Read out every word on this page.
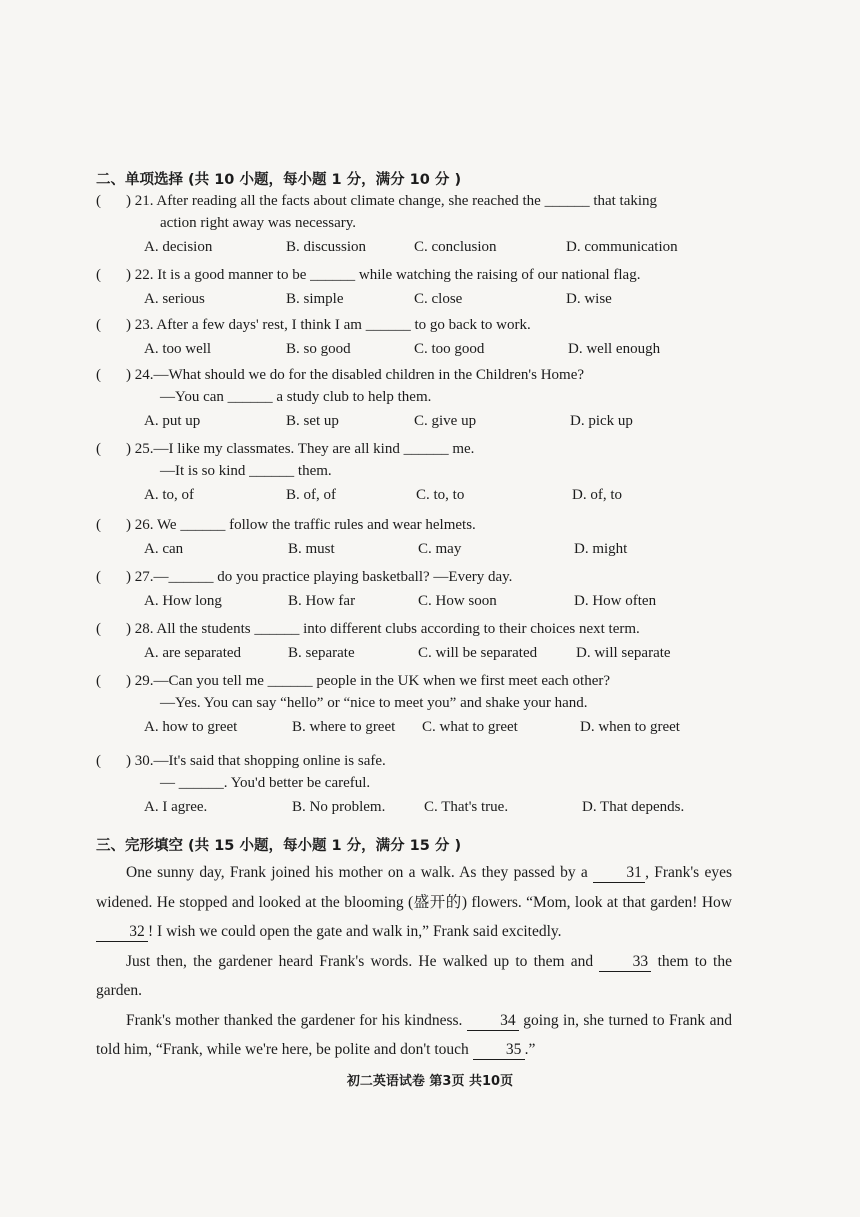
二、单项选择 (共 10 小题，每小题 1 分，满分 10 分 )
( ) 21. After reading all the facts about climate change, she reached the ______ that taking
action right away was necessary.
A. decision	B. discussion	C. conclusion	D. communication
( ) 22. It is a good manner to be ______ while watching the raising of our national flag.
A. serious	B. simple	C. close	D. wise
( ) 23. After a few days' rest, I think I am ______ to go back to work.
A. too well	B. so good	C. too good	D. well enough
( ) 24.—What should we do for the disabled children in the Children's Home?
—You can ______ a study club to help them.
A. put up	B. set up	C. give up	D. pick up
( ) 25.—I like my classmates. They are all kind ______ me.
—It is so kind ______ them.
A. to, of	B. of, of	C. to, to	D. of, to
( ) 26. We ______ follow the traffic rules and wear helmets.
A. can	B. must	C. may	D. might
( ) 27.—______ do you practice playing basketball? —Every day.
A. How long	B. How far	C. How soon	D. How often
( ) 28. All the students ______ into different clubs according to their choices next term.
A. are separated	B. separate	C. will be separated	D. will separate
( ) 29.—Can you tell me ______ people in the UK when we first meet each other?
—Yes. You can say “hello” or “nice to meet you” and shake your hand.
A. how to greet	B. where to greet C. what to greet	D. when to greet
( ) 30.—It's said that shopping online is safe.
— ______. You'd better be careful.
A. I agree.	B. No problem.	C. That's true.	D. That depends.
三、完形填空 (共 15 小题，每小题 1 分，满分 15 分 )

One sunny day, Frank joined his mother on a walk. As they passed by a 31 , Frank's eyes widened. He stopped and looked at the blooming (盛开的) flowers. “Mom, look at that garden! How 32 ! I wish we could open the gate and walk in,” Frank said excitedly.

Just then, the gardener heard Frank's words. He walked up to them and 33 them to the garden.

Frank's mother thanked the gardener for his kindness. 34 going in, she turned to Frank and told him, “Frank, while we're here, be polite and don't touch 35 .”

初二英语试卷 第3页 共10页
